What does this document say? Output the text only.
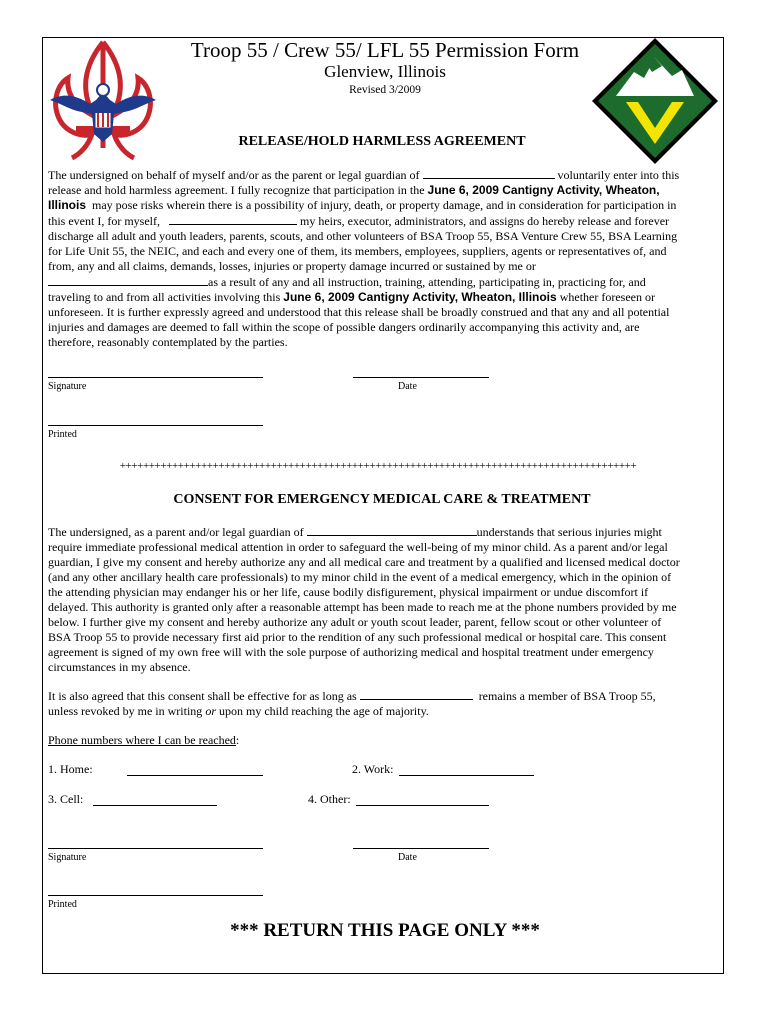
Troop 55 / Crew 55/ LFL 55 Permission Form
Glenview, Illinois
Revised 3/2009
RELEASE/HOLD HARMLESS AGREEMENT
The undersigned on behalf of myself and/or as the parent or legal guardian of	voluntarily enter into this
release and hold harmless agreement. I fully recognize that participation in the June 6, 2009 Cantigny Activity, Wheaton,
Illinois may pose risks wherein there is a possibility of injury, death, or property damage, and in consideration for participation in
this event I, for myself,	my heirs, executor, administrators, and assigns do hereby release and forever
discharge all adult and youth leaders, parents, scouts, and other volunteers of BSA Troop 55, BSA Venture Crew 55, BSA Learning
for Life Unit 55, the NEIC, and each and every one of them, its members, employees, suppliers, agents or representatives of, and
from, any and all claims, demands, losses, injuries or property damage incurred or sustained by me or
as a result of any and all instruction, training, attending, participating in, practicing for, and
traveling to and from all activities involving this June 6, 2009 Cantigny Activity, Wheaton, Illinois whether foreseen or
unforeseen. It is further expressly agreed and understood that this release shall be broadly construed and that any and all potential
injuries and damages are deemed to fall within the scope of possible dangers ordinarily accompanying this activity and, are
therefore, reasonably contemplated by the parties.
Signature	Date
Printed
+++++++++++++++++++++++++++++++++++++++++++++++++++++++++++++++++++++++++++++++++++++++++
CONSENT FOR EMERGENCY MEDICAL CARE & TREATMENT
The undersigned, as a parent and/or legal guardian of	understands that serious injuries might
require immediate professional medical attention in order to safeguard the well-being of my minor child. As a parent and/or legal
guardian, I give my consent and hereby authorize any and all medical care and treatment by a qualified and licensed medical doctor
(and any other ancillary health care professionals) to my minor child in the event of a medical emergency, which in the opinion of
the attending physician may endanger his or her life, cause bodily disfigurement, physical impairment or undue discomfort if
delayed. This authority is granted only after a reasonable attempt has been made to reach me at the phone numbers provided by me
below. I further give my consent and hereby authorize any adult or youth scout leader, parent, fellow scout or other volunteer of
BSA Troop 55 to provide necessary first aid prior to the rendition of any such professional medical or hospital care. This consent
agreement is signed of my own free will with the sole purpose of authorizing medical and hospital treatment under emergency
circumstances in my absence.
It is also agreed that this consent shall be effective for as long as	remains a member of BSA Troop 55,
unless revoked by me in writing or upon my child reaching the age of majority.
Phone numbers where I can be reached:
1. Home:	2. Work:
3. Cell:	4. Other:
Signature	Date
Printed
*** RETURN THIS PAGE ONLY ***
